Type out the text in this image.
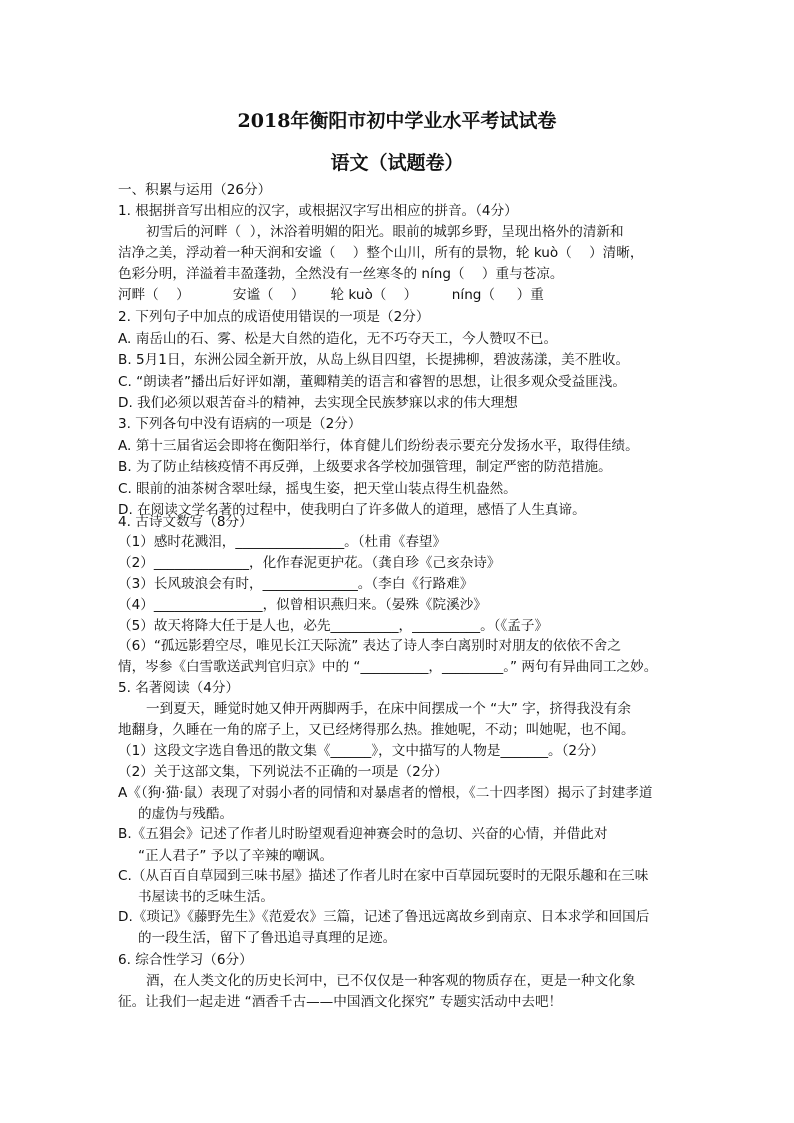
2018年衡阳市初中学业水平考试试卷
语文（试题卷）
一、积累与运用（26分）
1. 根据拼音写出相应的汉字，或根据汉字写出相应的拼音。（4分）
初雪后的河畔（  ），沐浴着明媚的阳光。眼前的城郭乡野，呈现出格外的清新和
洁净之美，浮动着一种天润和安谧（    ）整个山川，所有的景物，轮 kuò（    ）清晰，
色彩分明，洋溢着丰盈蓬勃，全然没有一丝寒冬的 níng（    ）重与苍凉。
河畔（    ）          安谧（    ）      轮 kuò（    ）        níng（     ）重
2. 下列句子中加点的成语使用错误的一项是（2分）
A. 南岳山的石、雾、松是大自然的造化，无不巧夺天工，今人赞叹不已。
B. 5月1日，东洲公园全新开放，从岛上纵目四望，长提拂柳，碧波荡漾，美不胜收。
C. “朗读者”播出后好评如潮，董卿精美的语言和睿智的思想，让很多观众受益匪浅。
D. 我们必须以艰苦奋斗的精神，去实现全民族梦寐以求的伟大理想
3. 下列各句中没有语病的一项是（2分）
A. 第十三届省运会即将在衡阳举行，体育健儿们纷纷表示要充分发扬水平，取得佳绩。
B. 为了防止结核疫情不再反弹，上级要求各学校加强管理，制定严密的防范措施。
C. 眼前的油茶树含翠吐绿，摇曳生姿，把天堂山装点得生机盎然。
D. 在阅读文学名著的过程中，使我明白了许多做人的道理，感悟了人生真谛。
4. 古诗文数写（8分）
（1）感时花溅泪，________________。（杜甫《春望》
（2）______________，化作春泥更护花。（龚自珍《己亥杂诗》
（3）长风玻浪会有时，______________。（李白《行路难》
（4）________________，似曾相识燕归来。（晏殊《院溪沙》
（5）故天将降大任于是人也，必先__________，__________。（《孟子》
（6）“孤远影碧空尽，唯见长江天际流” 表达了诗人李白离别时对朋友的依依不舍之
情，岑参《白雪歌送武判官归京》中的 “__________，_________。” 两句有异曲同工之妙。
5. 名著阅读（4分）
一到夏天，睡觉时她又伸开两脚两手，在床中间摆成一个 “大” 字，挤得我没有余
地翻身，久睡在一角的席子上，又已经烤得那么热。推她呢，不动；叫她呢，也不闻。
（1）这段文字选自鲁迅的散文集《______》，文中描写的人物是_______。（2分）
（2）关于这部文集，下列说法不正确的一项是（2分）
A《（狗·猫·鼠）表现了对弱小者的同情和对暴虐者的憎根，《二十四孝图）揭示了封建孝道
的虚伪与残酷。
B.《五猖会》记述了作者儿时盼望观看迎神赛会时的急切、兴奋的心情，并借此对
“正人君子” 予以了辛辣的嘲讽。
C.（从百百自草园到三味书屋》描述了作者儿时在家中百草园玩耍时的无限乐趣和在三味
书屋读书的乏味生活。
D.《琐记》《藤野先生》《范爱农》三篇，记述了鲁迅远离故乡到南京、日本求学和回国后
的一段生活，留下了鲁迅追寻真理的足迹。
6. 综合性学习（6分）
酒，在人类文化的历史长河中，已不仅仅是一种客观的物质存在，更是一种文化象
征。让我们一起走进 “酒香千古——中国酒文化探究” 专题实活动中去吧！
